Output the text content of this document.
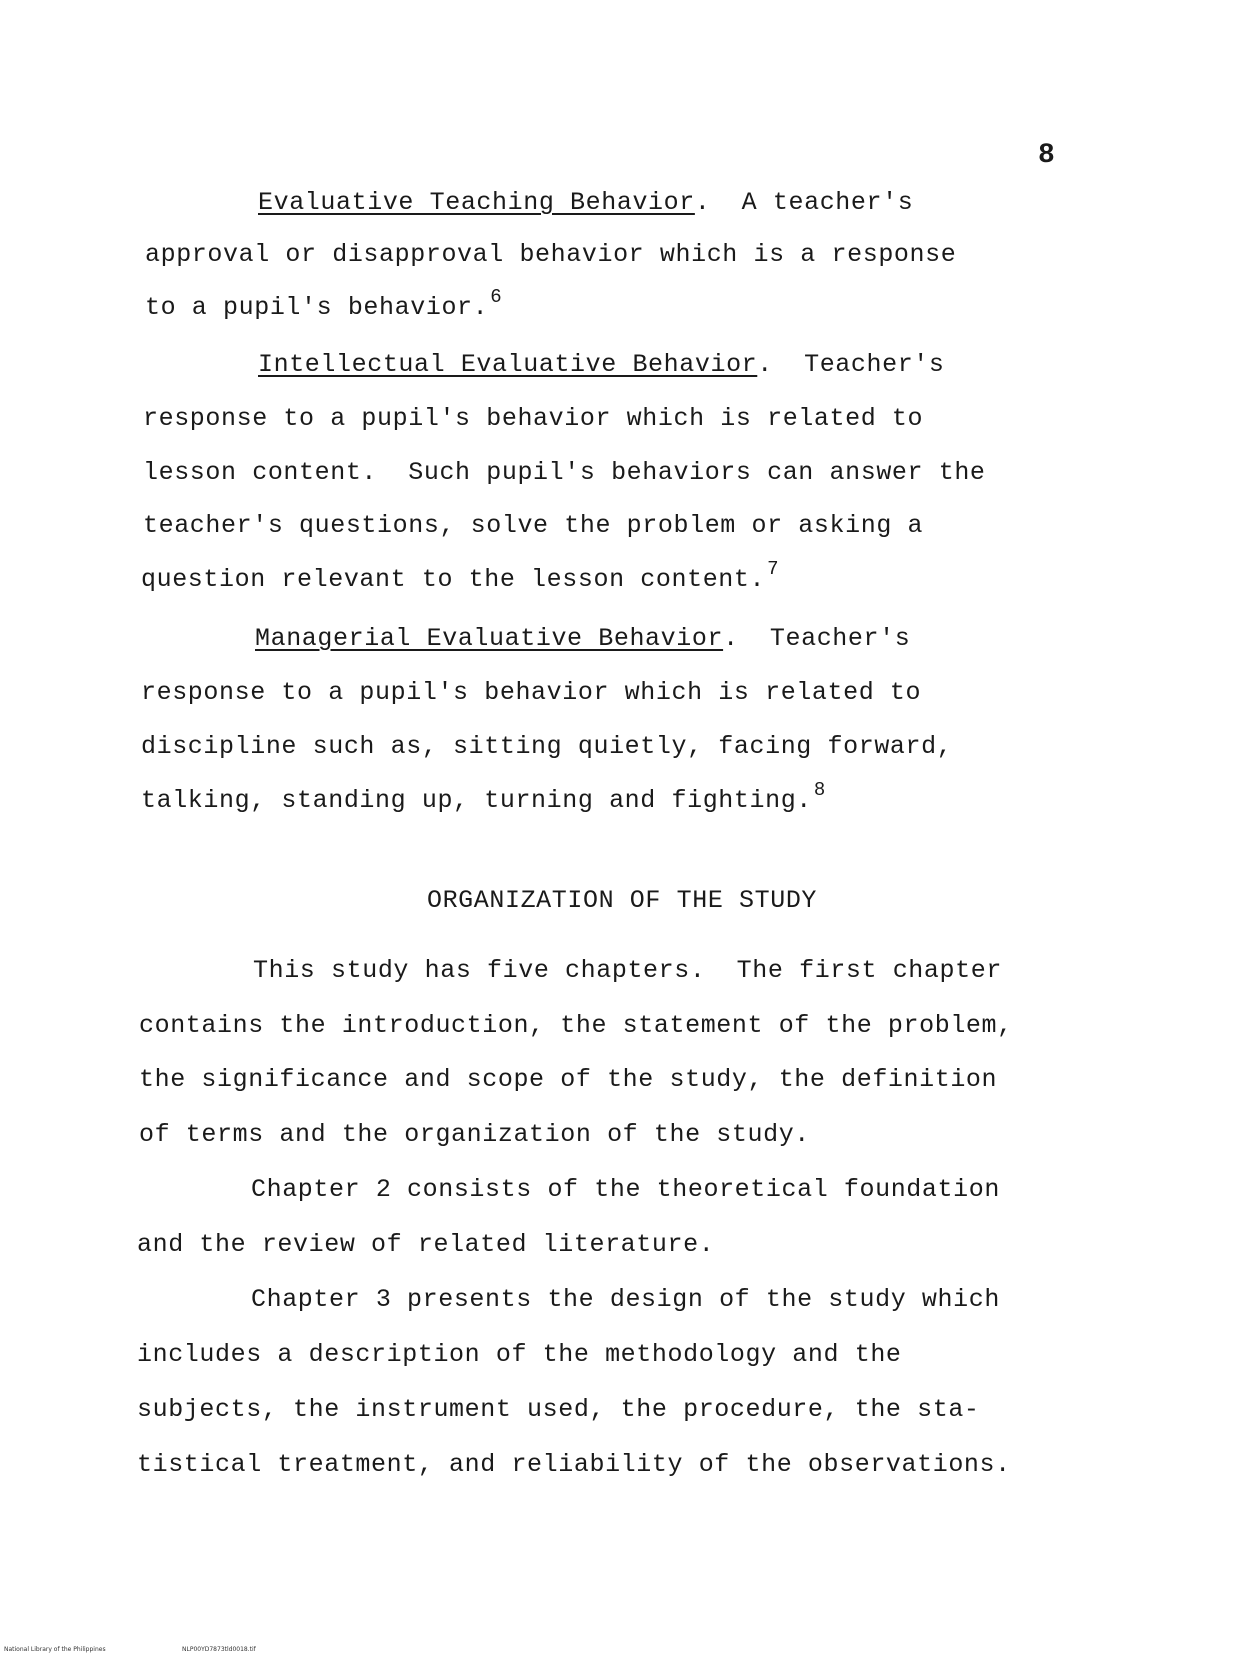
8
Evaluative Teaching Behavior.  A teacher's
approval or disapproval behavior which is a response
to a pupil's behavior. $^6$
Intellectual Evaluative Behavior.  Teacher's
response to a pupil's behavior which is related to
lesson content.  Such pupil's behaviors can answer the
teacher's questions, solve the problem or asking a
question relevant to the lesson content. $^7$
Managerial Evaluative Behavior.  Teacher's
response to a pupil's behavior which is related to
discipline such as, sitting quietly, facing forward,
talking, standing up, turning and fighting. $^8$
ORGANIZATION OF THE STUDY
This study has five chapters.  The first chapter
contains the introduction, the statement of the problem,
the significance and scope of the study, the definition
of terms and the organization of the study.
Chapter 2 consists of the theoretical foundation
and the review of related literature.
Chapter 3 presents the design of the study which
includes a description of the methodology and the
subjects, the instrument used, the procedure, the sta-
tistical treatment, and reliability of the observations.
National Library of the Philippines	NLP00YD7873tld0018.tif
